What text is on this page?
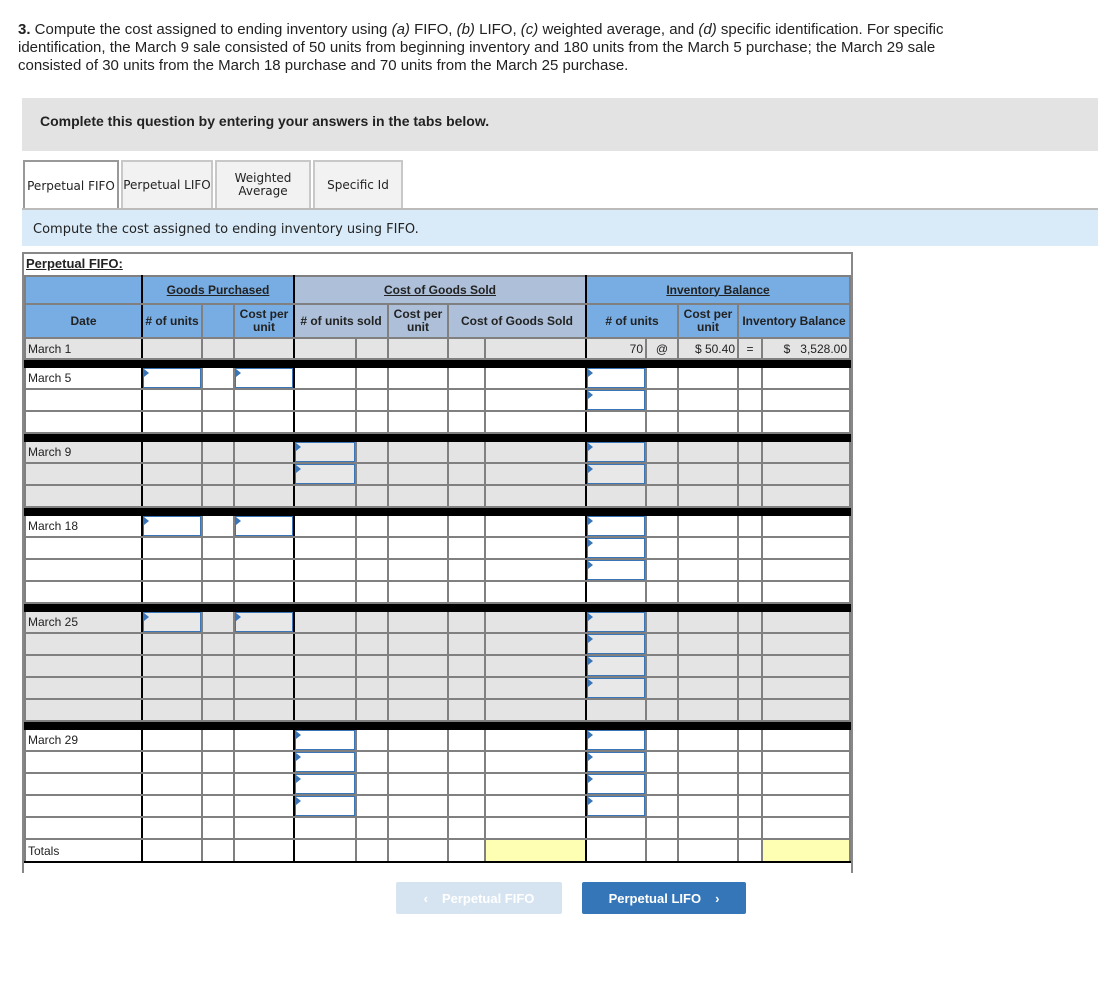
3. Compute the cost assigned to ending inventory using (a) FIFO, (b) LIFO, (c) weighted average, and (d) specific identification. For specific identification, the March 9 sale consisted of 50 units from beginning inventory and 180 units from the March 5 purchase; the March 29 sale consisted of 30 units from the March 18 purchase and 70 units from the March 25 purchase.
Complete this question by entering your answers in the tabs below.
Perpetual FIFO Perpetual LIFO	Weighted Average	Specific Id
Compute the cost assigned to ending inventory using FIFO.
Perpetual FIFO:
	Goods Purchased			Cost of Goods Sold					Inventory Balance				
Date	# of units		Cost per unit	# of units sold		Cost per unit	Cost of Goods Sold		# of units		Cost per unit	Inventory Balance	
March 1									70	@	$ 50.40	=	$   3,528.00

March 5	

March 9				

March 18	

March 25	

March 29				

Totals													
‹ Perpetual FIFO	Perpetual LIFO ›
